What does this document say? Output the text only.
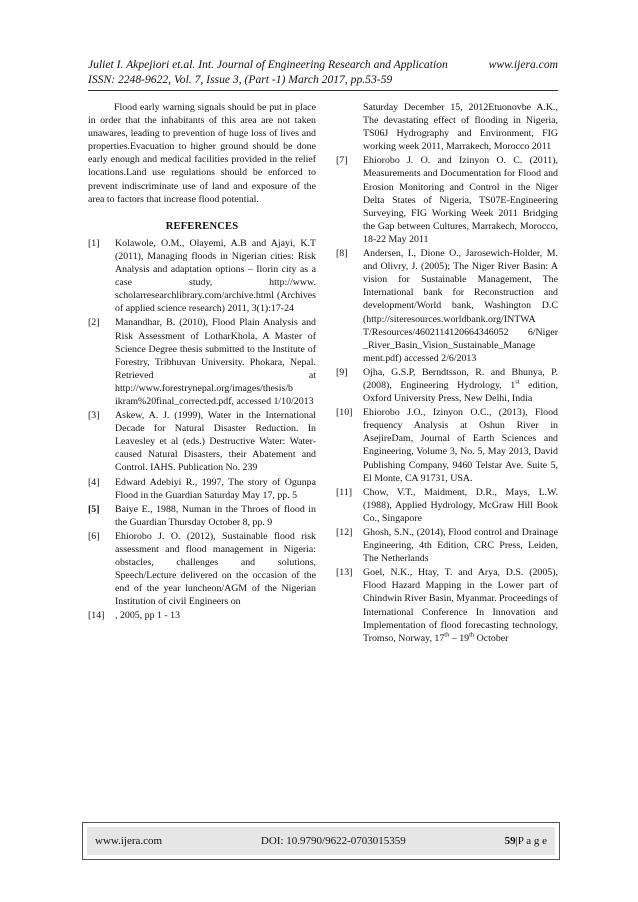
Juliet I. Akpejiori et.al. Int. Journal of Engineering Research and Application	www.ijera.com
ISSN: 2248-9622, Vol. 7, Issue 3, (Part -1) March 2017, pp.53-59

Flood early warning signals should be put in place in order that the inhabitants of this area are not taken unawares, leading to prevention of huge loss of lives and properties.Evacuation to higher ground should be done early enough and medical facilities provided in the relief locations.Land use regulations should be enforced to prevent indiscriminate use of land and exposure of the area to factors that increase flood potential.

REFERENCES
[1]	Kolawole, O.M., Olayemi, A.B and Ajayi, K.T (2011), Managing floods in Nigerian cities: Risk Analysis and adaptation options – Ilorin city as a case study, http://www. scholarresearchlibrary.com/archive.html (Archives of applied science research) 2011, 3(1):17-24
[2]	Manandhar, B. (2010), Flood Plain Analysis and Risk Assessment of LotharKhola, A Master of Science Degree thesis submitted to the Institute of Forestry, Tribhuvan University. Phokara, Nepal. Retrieved at http://www.forestrynepal.org/images/thesis/b ikram%20final_corrected.pdf, accessed 1/10/2013
[3]	Askew, A. J. (1999), Water in the International Decade for Natural Disaster Reduction. In Leavesley et al (eds.) Destructive Water: Water-caused Natural Disasters, their Abatement and Control. IAHS. Publication No. 239
[4]	Edward Adebiyi R., 1997, The story of Ogunpa Flood in the Guardian Saturday May 17, pp. 5
[5]	Baiye E., 1988, Numan in the Throes of flood in the Guardian Thursday October 8, pp. 9
[6]	Ehiorobo J. O. (2012), Sustainable flood risk assessment and flood management in Nigeria: obstacles, challenges and solutions, Speech/Lecture delivered on the occasion of the end of the year luncheon/AGM of the Nigerian Institution of civil Engineers on
[14]	, 2005, pp 1 - 13
Saturday December 15, 2012Etuonovbe A.K., The devastating effect of flooding in Nigeria, TS06J Hydrography and Environment, FIG working week 2011, Marrakech, Morocco 2011
[7]	Ehiorobo J. O. and Izinyon O. C. (2011), Measurements and Documentation for Flood and Erosion Monitoring and Control in the Niger Delta States of Nigeria, TS07E-Engineering Surveying, FIG Working Week 2011 Bridging the Gap between Cultures, Marrakech, Morocco, 18-22 May 2011
[8]	Andersen, I., Dione O., Jarosewich-Holder, M. and Olivry, J. (2005); The Niger River Basin: A vision for Sustainable Management, The International bank for Reconstruction and development/World bank, Washington D.C (http://siteresources.worldbank.org/INTWA T/Resources/4602114120664346052 6/Niger _River_Basin_Vision_Sustainable_Manage ment.pdf) accessed 2/6/2013
[9]	Ojha, G.S.P, Berndtsson, R. and Bhunya, P. (2008), Engineering Hydrology, 1st edition, Oxford University Press, New Delhi, India
[10]	Ehiorobo J.O., Izinyon O.C., (2013), Flood frequency Analysis at Oshun River in AsejireDam, Journal of Earth Sciences and Engineering, Volume 3, No. 5, May 2013, David Publishing Company, 9460 Telstar Ave. Suite 5, El Monte, CA 91731, USA.
[11]	Chow, V.T., Maidment, D.R., Mays, L.W. (1988), Applied Hydrology, McGraw Hill Book Co., Singapore
[12]	Ghosh, S.N., (2014), Flood control and Drainage Engineering, 4th Edition, CRC Press, Leiden, The Netherlands
[13]	Goel, N.K., Htay, T. and Arya, D.S. (2005), Flood Hazard Mapping in the Lower part of Chindwin River Basin, Myanmar. Proceedings of International Conference In Innovation and Implementation of flood forecasting technology, Tromso, Norway, 17th – 19th October
www.ijera.com	DOI: 10.9790/9622-0703015359	59|P a g e
